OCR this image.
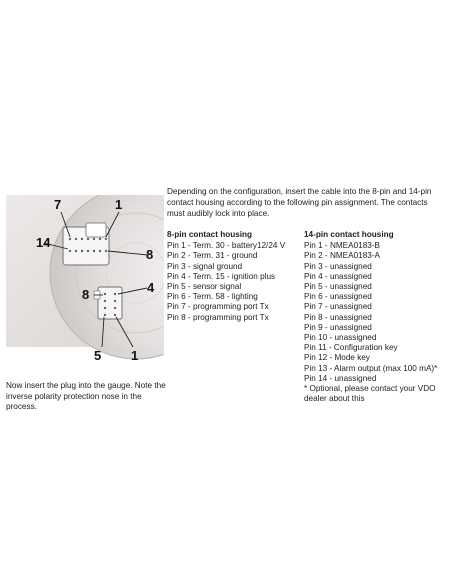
Depending on the configuration, insert the cable into the 8-pin and 14-pin contact housing according to the following pin assignment. The contacts must audibly lock into place.

7	1
14
8
8	4
5 1
8-pin contact housing

Pin 1 - Term. 30 - battery12/24 V

Pin 2 - Term. 31 - ground

Pin 3 - signal ground

Pin 4 - Term. 15 - ignition plus

Pin 5 - sensor signal

Pin 6 - Term. 58 - lighting

Pin 7 - programming port Tx

Pin 8 - programming port Tx

14-pin contact housing

Pin 1 - NMEA0183-B

Pin 2 - NMEA0183-A

Pin 3 - unassigned

Pin 4 - unassigned

Pin 5 - unassigned

Pin 6 - unassigned

Pin 7 - unassigned

Pin 8 - unassigned

Pin 9 - unassigned

Pin 10 - unassigned

Pin 11 - Configuration key

Pin 12 - Mode key

Pin 13 - Alarm output (max 100 mA)*

Pin 14 - unassigned

* Optional, please contact your VDO dealer about this

Now insert the plug into the gauge. Note the inverse polarity protection nose in the process.
